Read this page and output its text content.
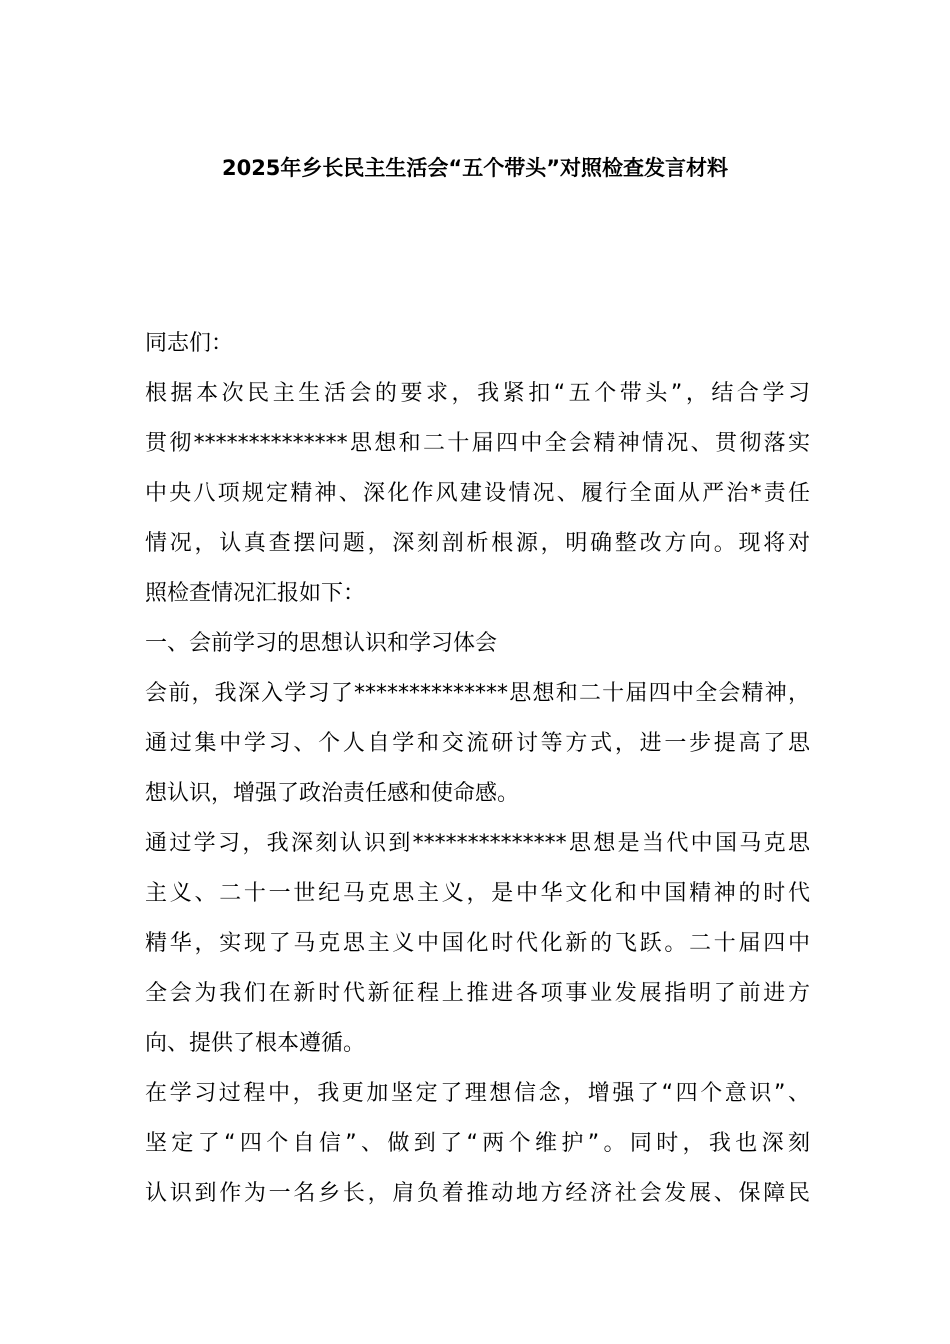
2025年乡长民主生活会“五个带头”对照检查发言材料
同志们：
根据本次民主生活会的要求，我紧扣“五个带头”，结合学习
贯彻**************思想和二十届四中全会精神情况、贯彻落实
中央八项规定精神、深化作风建设情况、履行全面从严治*责任
情况，认真查摆问题，深刻剖析根源，明确整改方向。现将对
照检查情况汇报如下：
一、会前学习的思想认识和学习体会
会前，我深入学习了**************思想和二十届四中全会精神，
通过集中学习、个人自学和交流研讨等方式，进一步提高了思
想认识，增强了政治责任感和使命感。
通过学习，我深刻认识到**************思想是当代中国马克思
主义、二十一世纪马克思主义，是中华文化和中国精神的时代
精华，实现了马克思主义中国化时代化新的飞跃。二十届四中
全会为我们在新时代新征程上推进各项事业发展指明了前进方
向、提供了根本遵循。
在学习过程中，我更加坚定了理想信念，增强了“四个意识”、
坚定了“四个自信”、做到了“两个维护”。同时，我也深刻
认识到作为一名乡长，肩负着推动地方经济社会发展、保障民
